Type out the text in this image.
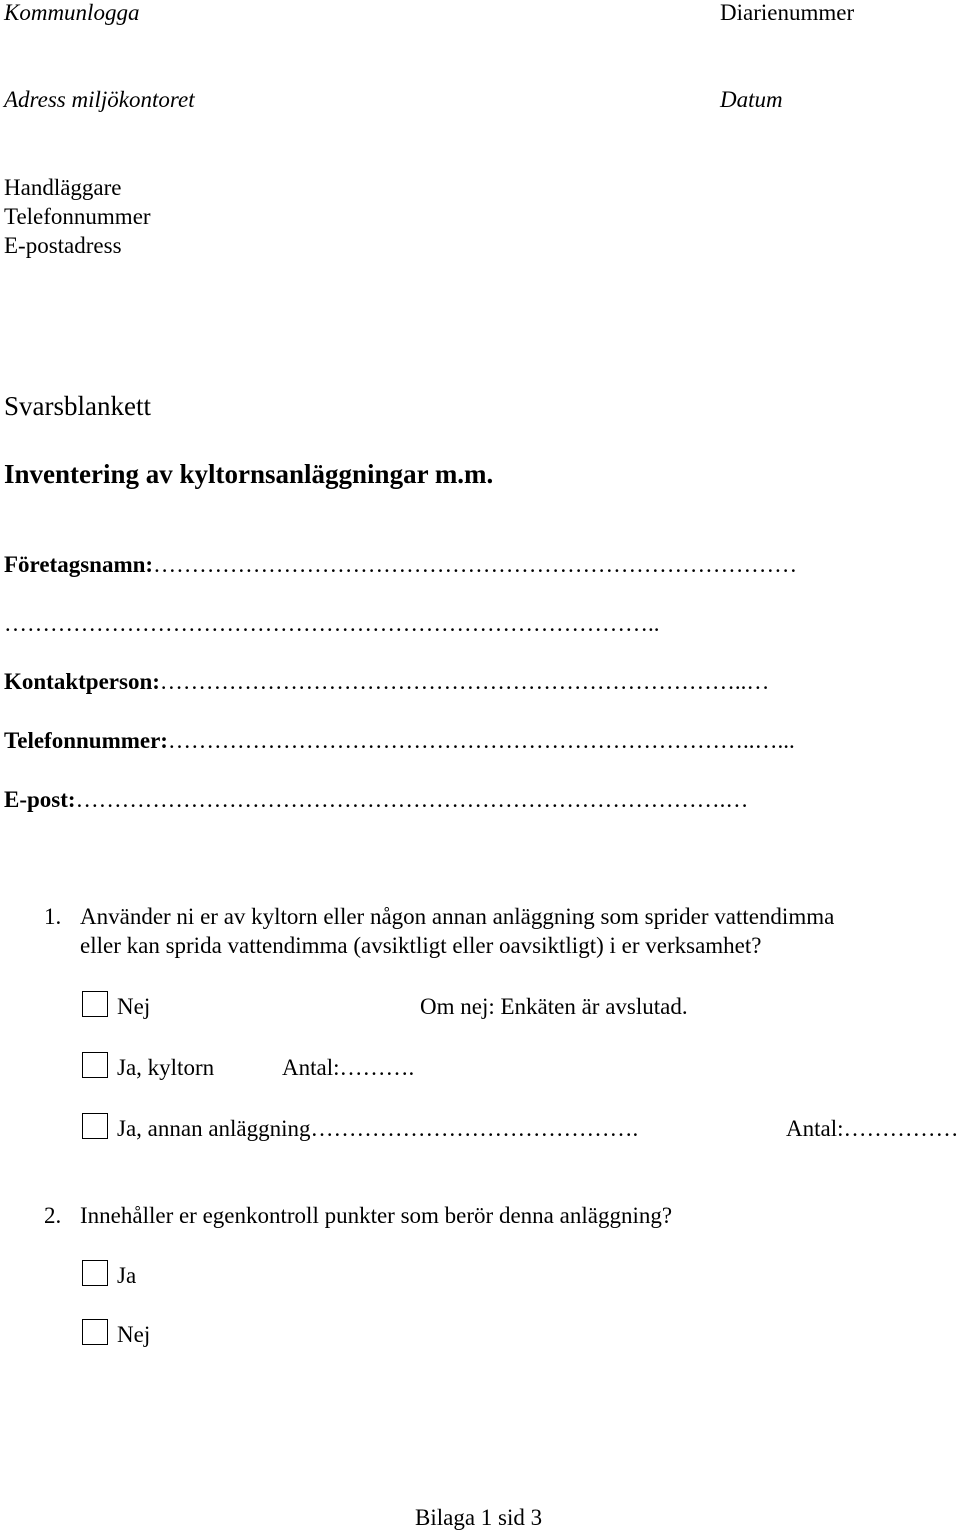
Kommunlogga	Diarienummer
Adress miljökontoret	Datum
Handläggare
Telefonnummer
E-postadress
Svarsblankett
Inventering av kyltornsanläggningar m.m.
Företagsnamn:…………………………………………………………………………
…………………………………………………………………………..
Kontaktperson:…………………………………………………………………..…
Telefonnummer:…………………………………………………………………..…...
E-post:………………………………………………………………………….…
1. Använder ni er av kyltorn eller någon annan anläggning som sprider vattendimma
eller kan sprida vattendimma (avsiktligt eller oavsiktligt) i er verksamhet?
Nej	Om nej: Enkäten är avslutad.
Ja, kyltorn	Antal:……….
Ja, annan anläggning…………………………………….	Antal:……………
2. Innehåller er egenkontroll punkter som berör denna anläggning?
Ja
Nej
Bilaga 1 sid 3
